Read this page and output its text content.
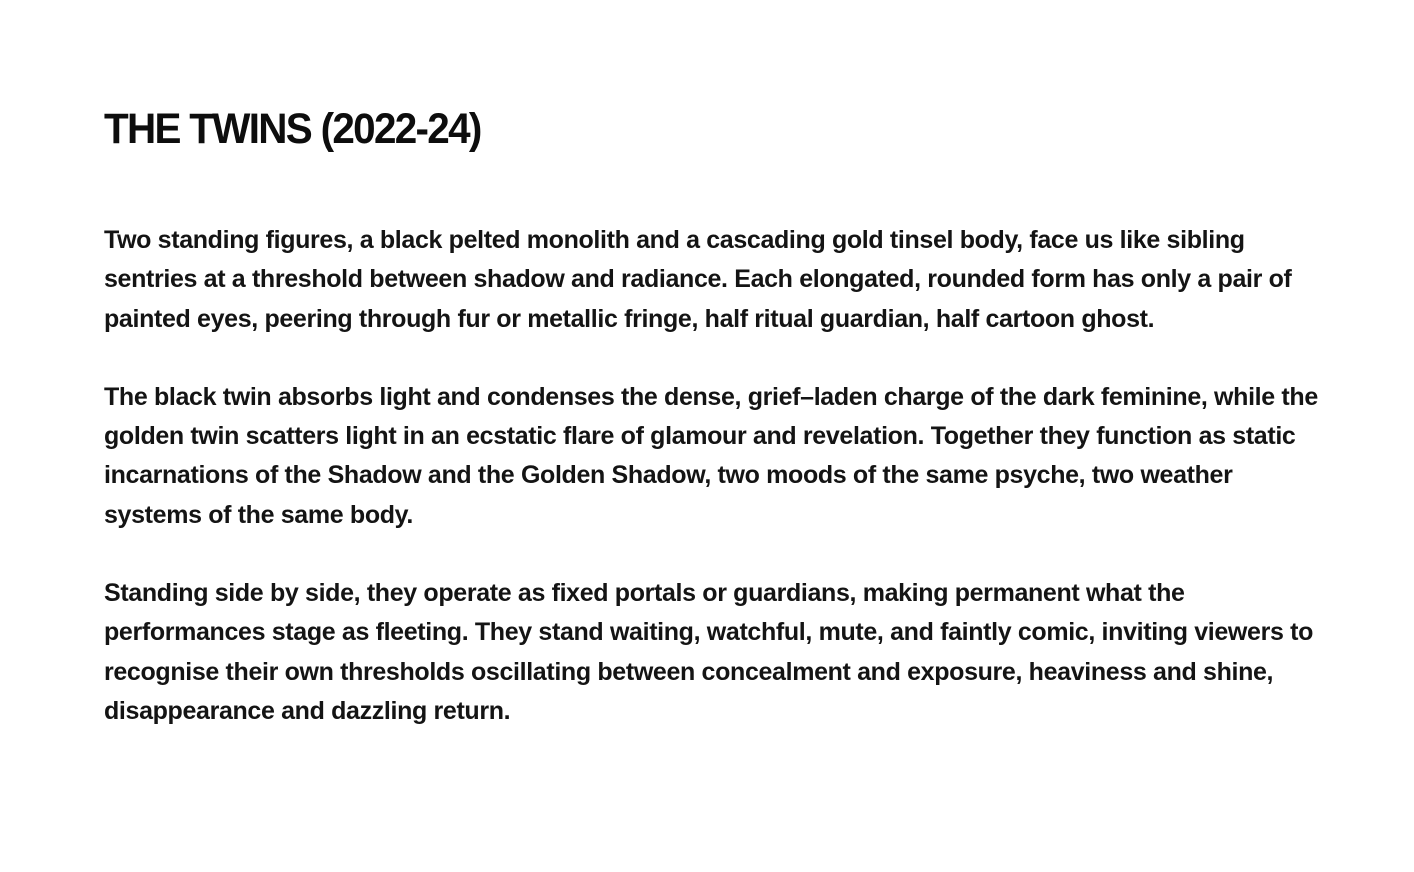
THE TWINS (2022-24)

Two standing figures, a black pelted monolith and a cascading gold tinsel body, face us like sibling sentries at a threshold between shadow and radiance. Each elongated, rounded form has only a pair of painted eyes, peering through fur or metallic fringe, half ritual guardian, half cartoon ghost.

The black twin absorbs light and condenses the dense, grief–laden charge of the dark feminine, while the golden twin scatters light in an ecstatic flare of glamour and revelation. Together they function as static incarnations of the Shadow and the Golden Shadow, two moods of the same psyche, two weather systems of the same body.

Standing side by side, they operate as fixed portals or guardians, making permanent what the performances stage as fleeting. They stand waiting, watchful, mute, and faintly comic, inviting viewers to recognise their own thresholds oscillating between concealment and exposure, heaviness and shine, disappearance and dazzling return.
